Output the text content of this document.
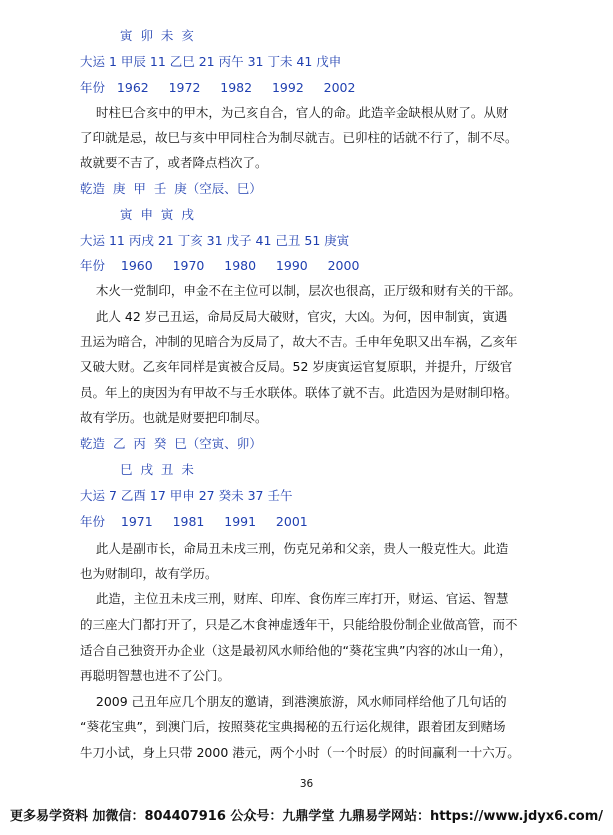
寅  卯  未  亥
大运 1 甲辰 11 乙巳 21 丙午 31 丁未 41 戊申
年份   1962     1972     1982     1992     2002
时柱巳合亥中的甲木，为己亥自合，官人的命。此造辛金缺根从财了。从财
了印就是忌，故巳与亥中甲同柱合为制尽就吉。已卯柱的话就不行了，制不尽。
故就要不吉了，或者降点档次了。
乾造  庚  甲  壬  庚（空辰、巳）
寅  申  寅  戌
大运 11 丙戌 21 丁亥 31 戊子 41 己丑 51 庚寅
年份    1960     1970     1980     1990     2000
木火一党制印，申金不在主位可以制，层次也很高，正厅级和财有关的干部。
此人 42 岁己丑运，命局反局大破财，官灾，大凶。为何，因申制寅，寅遇
丑运为暗合，冲制的见暗合为反局了，故大不吉。壬申年免职又出车祸，乙亥年
又破大财。乙亥年同样是寅被合反局。52 岁庚寅运官复原职，并提升，厅级官
员。年上的庚因为有甲故不与壬水联体。联体了就不吉。此造因为是财制印格。
故有学历。也就是财要把印制尽。
乾造  乙  丙  癸  巳（空寅、卯）
巳  戌  丑  未
大运 7 乙酉 17 甲申 27 癸未 37 壬午
年份    1971     1981     1991     2001
此人是副市长，命局丑未戌三刑，伤克兄弟和父亲，贵人一般克性大。此造
也为财制印，故有学历。
此造，主位丑未戌三刑，财库、印库、食伤库三库打开，财运、官运、智慧
的三座大门都打开了，只是乙木食神虚透年干，只能给股份制企业做高管，而不
适合自己独资开办企业（这是最初风水师给他的“葵花宝典”内容的冰山一角），
再聪明智慧也进不了公门。
2009 己丑年应几个朋友的邀请，到港澳旅游，风水师同样给他了几句话的
“葵花宝典”，到澳门后，按照葵花宝典揭秘的五行运化规律，跟着团友到赌场
牛刀小试，身上只带 2000 港元，两个小时（一个时辰）的时间赢利一十六万。
36
更多易学资料 加微信：804407916 公众号：九鼎学堂 九鼎易学网站：https://www.jdyx6.com/
